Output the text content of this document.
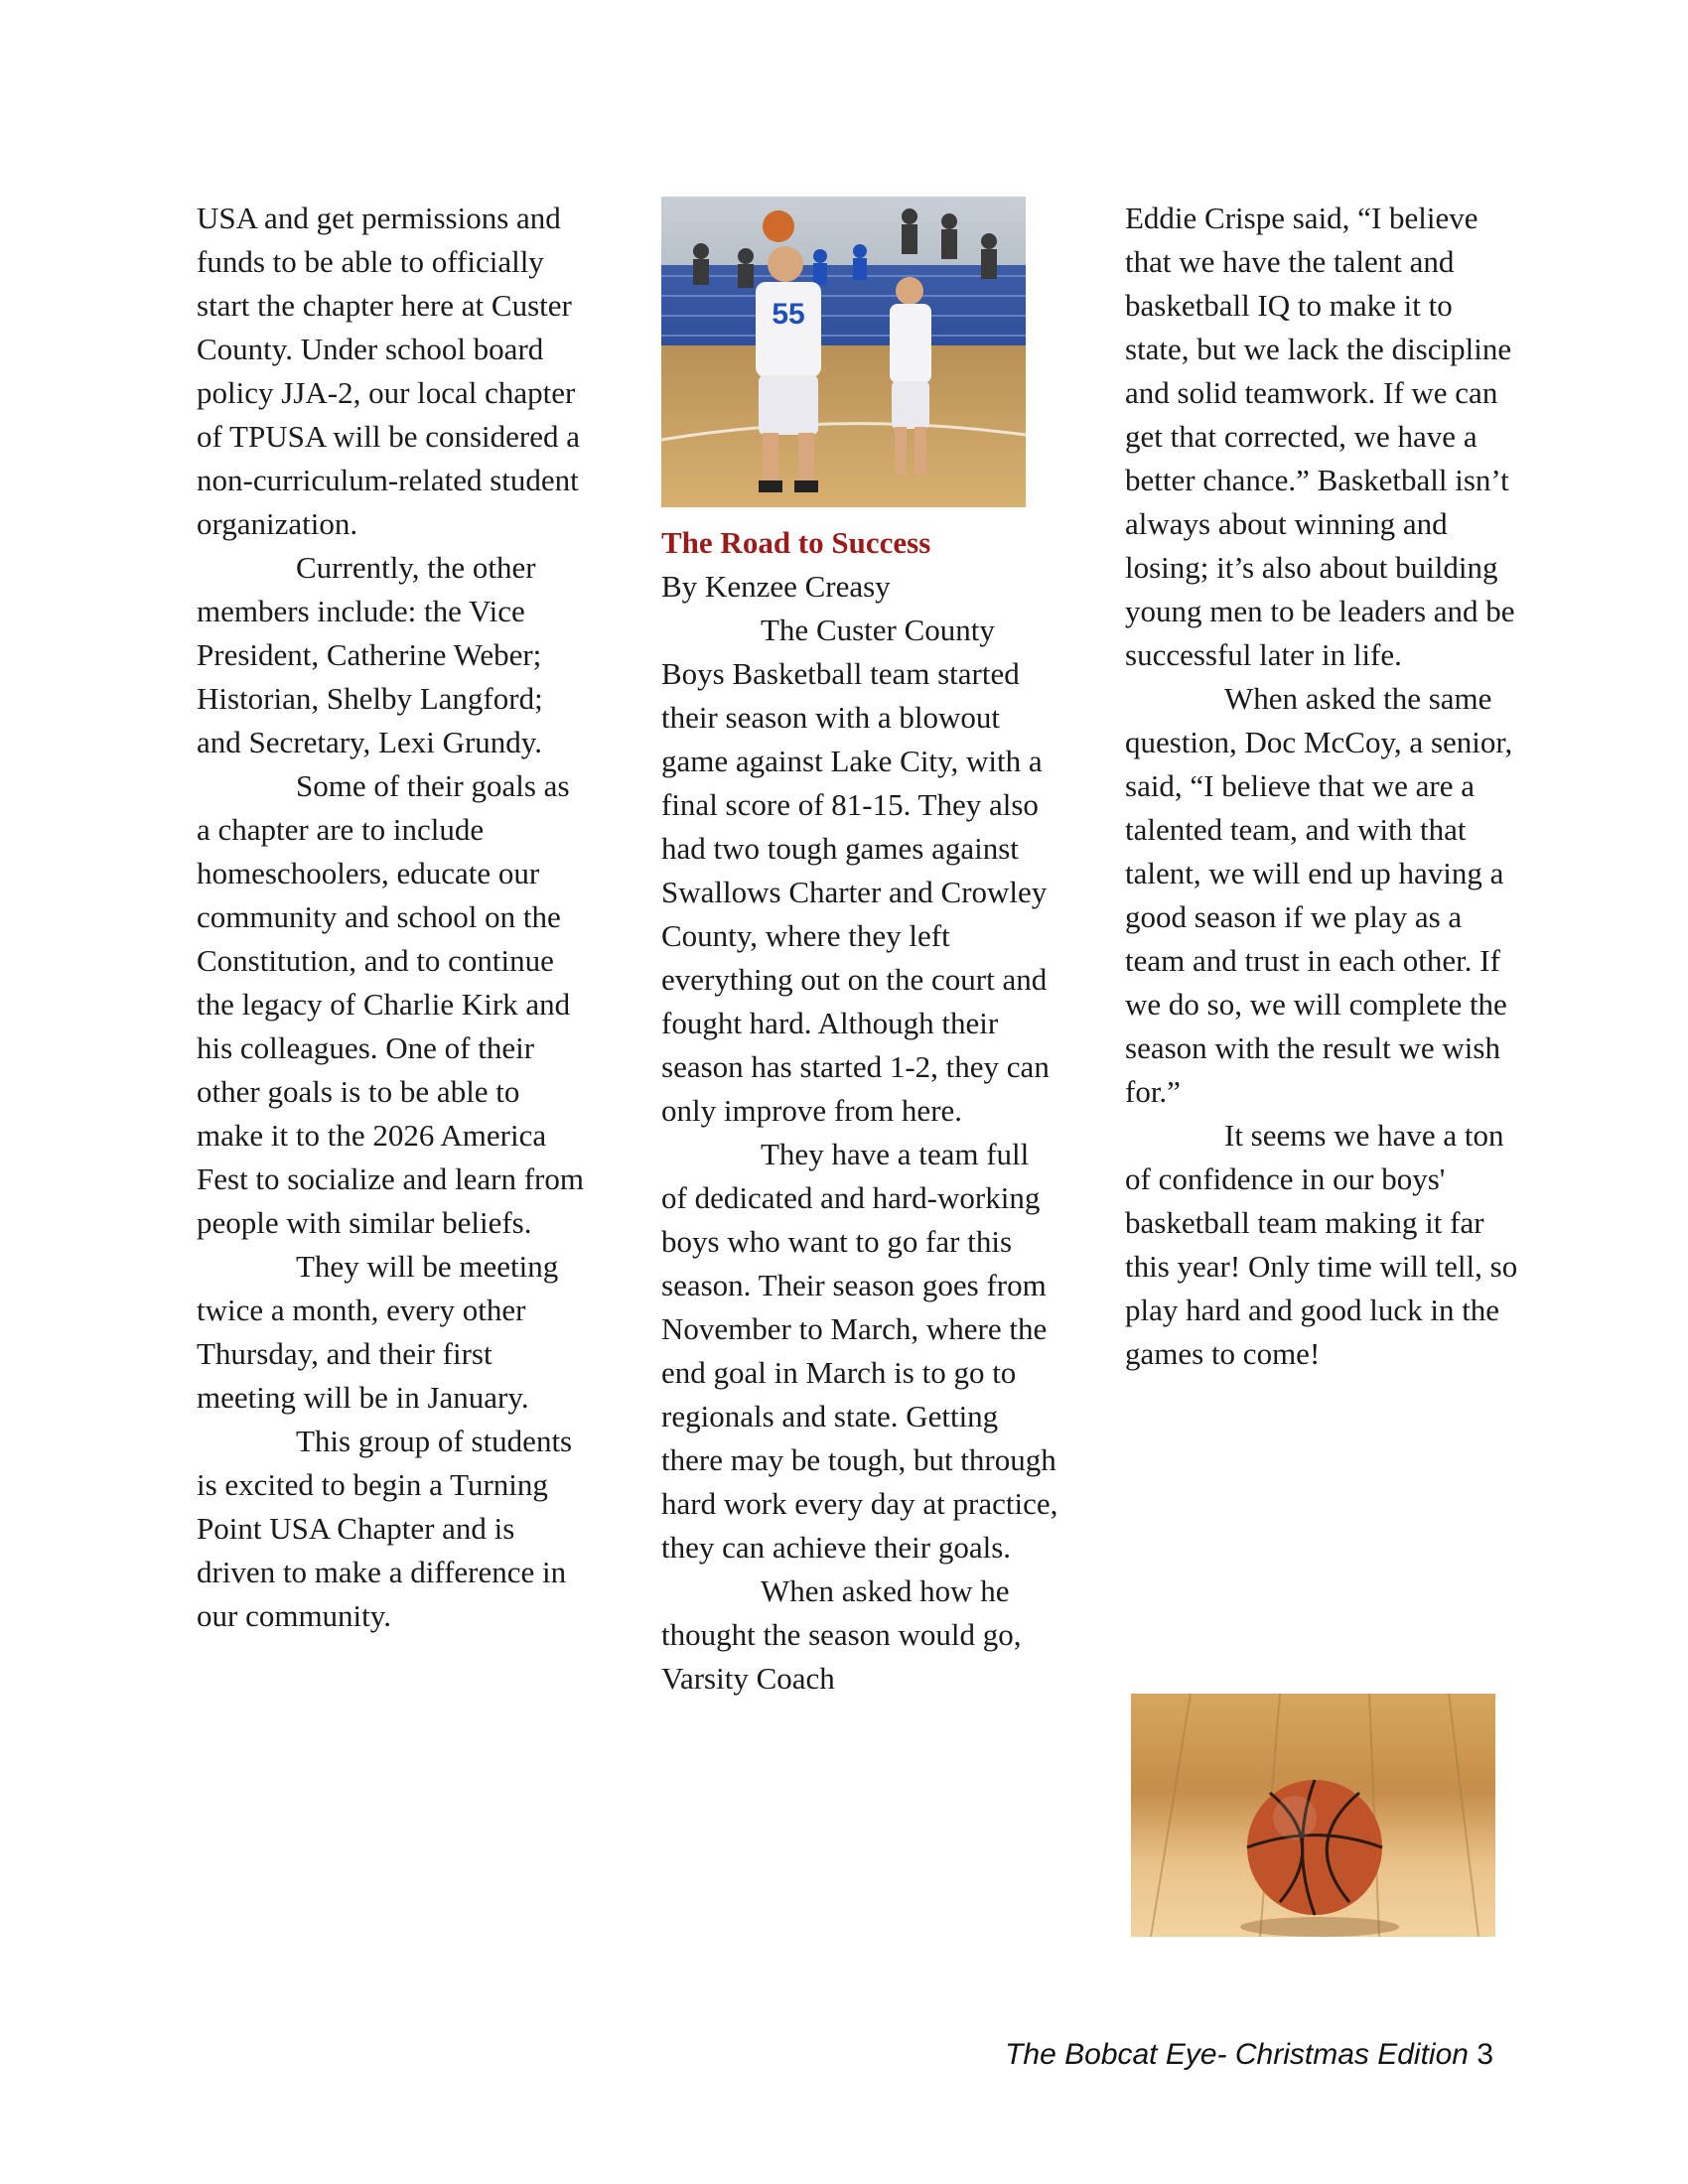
USA and get permissions and funds to be able to officially start the chapter here at Custer County. Under school board policy JJA-2, our local chapter of TPUSA will be considered a non-curriculum-related student organization.

Currently, the other members include: the Vice President, Catherine Weber; Historian, Shelby Langford; and Secretary, Lexi Grundy.

Some of their goals as a chapter are to include homeschoolers, educate our community and school on the Constitution, and to continue the legacy of Charlie Kirk and his colleagues. One of their other goals is to be able to make it to the 2026 America Fest to socialize and learn from people with similar beliefs.

They will be meeting twice a month, every other Thursday, and their first meeting will be in January.

This group of students is excited to begin a Turning Point USA Chapter and is driven to make a difference in our community.

55

The Road to Success

By Kenzee Creasy

The Custer County Boys Basketball team started their season with a blowout game against Lake City, with a final score of 81-15. They also had two tough games against Swallows Charter and Crowley County, where they left everything out on the court and fought hard. Although their season has started 1-2, they can only improve from here.

They have a team full of dedicated and hard-working boys who want to go far this season. Their season goes from November to March, where the end goal in March is to go to regionals and state. Getting there may be tough, but through hard work every day at practice, they can achieve their goals.

When asked how he thought the season would go, Varsity Coach

Eddie Crispe said, “I believe that we have the talent and basketball IQ to make it to state, but we lack the discipline and solid teamwork. If we can get that corrected, we have a better chance.” Basketball isn’t always about winning and losing; it’s also about building young men to be leaders and be successful later in life.

When asked the same question, Doc McCoy, a senior, said, “I believe that we are a talented team, and with that talent, we will end up having a good season if we play as a team and trust in each other. If we do so, we will complete the season with the result we wish for.”

It seems we have a ton of confidence in our boys' basketball team making it far this year! Only time will tell, so play hard and good luck in the games to come!

The Bobcat Eye- Christmas Edition 3
